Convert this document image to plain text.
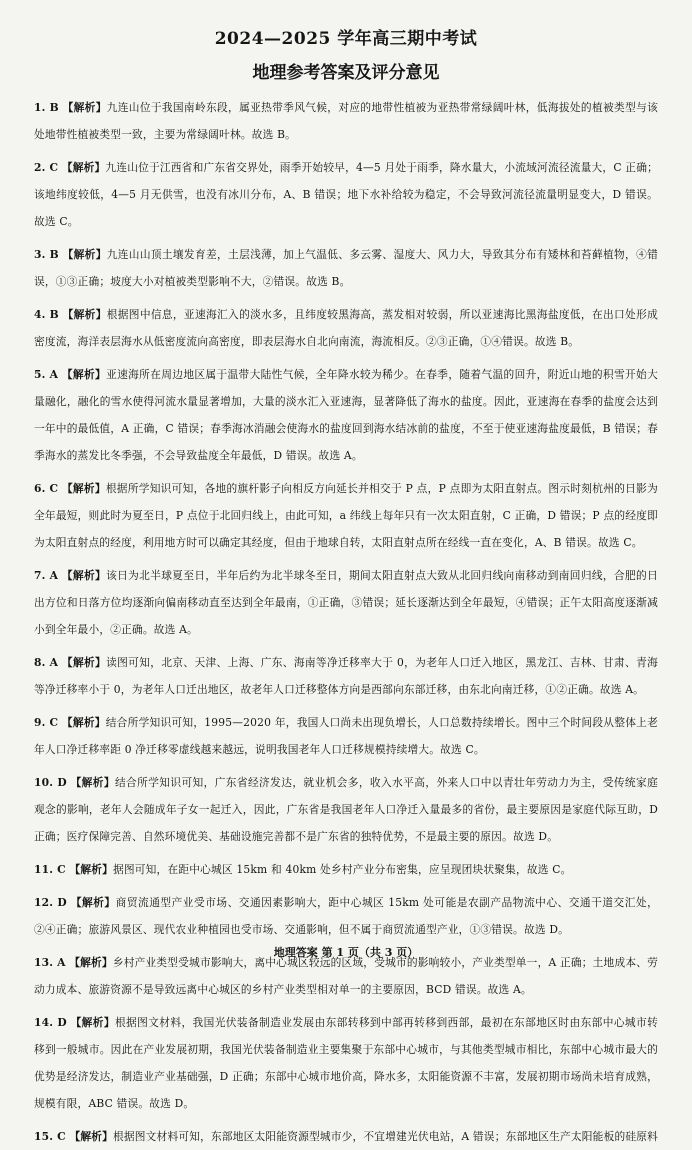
2024—2025 学年高三期中考试
地理参考答案及评分意见

1. B 【解析】九连山位于我国南岭东段，属亚热带季风气候，对应的地带性植被为亚热带常绿阔叶林，低海拔处的植被类型与该处地带性植被类型一致，主要为常绿阔叶林。故选 B。

2. C 【解析】九连山位于江西省和广东省交界处，雨季开始较早，4—5 月处于雨季，降水量大，小流域河流径流量大，C 正确；该地纬度较低，4—5 月无供雪，也没有冰川分布，A、B 错误；地下水补给较为稳定，不会导致河流径流量明显变大，D 错误。故选 C。

3. B 【解析】九连山山顶土壤发育差，土层浅薄，加上气温低、多云雾、湿度大、风力大，导致其分布有矮林和苔藓植物，④错误，①③正确；坡度大小对植被类型影响不大，②错误。故选 B。

4. B 【解析】根据图中信息，亚速海汇入的淡水多，且纬度较黑海高，蒸发相对较弱，所以亚速海比黑海盐度低，在出口处形成密度流，海洋表层海水从低密度流向高密度，即表层海水自北向南流，海流相反。②③正确，①④错误。故选 B。

5. A 【解析】亚速海所在周边地区属于温带大陆性气候，全年降水较为稀少。在春季，随着气温的回升，附近山地的积雪开始大量融化，融化的雪水使得河流水量显著增加，大量的淡水汇入亚速海，显著降低了海水的盐度。因此，亚速海在春季的盐度会达到一年中的最低值，A 正确，C 错误；春季海冰消融会使海水的盐度回到海水结冰前的盐度，不至于使亚速海盐度最低，B 错误；春季海水的蒸发比冬季强，不会导致盐度全年最低，D 错误。故选 A。

6. C 【解析】根据所学知识可知，各地的旗杆影子向相反方向延长并相交于 P 点，P 点即为太阳直射点。图示时刻杭州的日影为全年最短，则此时为夏至日，P 点位于北回归线上，由此可知，a 纬线上每年只有一次太阳直射，C 正确，D 错误；P 点的经度即为太阳直射点的经度，利用地方时可以确定其经度，但由于地球自转，太阳直射点所在经线一直在变化，A、B 错误。故选 C。

7. A 【解析】该日为北半球夏至日，半年后约为北半球冬至日，期间太阳直射点大致从北回归线向南移动到南回归线，合肥的日出方位和日落方位均逐渐向偏南移动直至达到全年最南，①正确，③错误；延长逐渐达到全年最短，④错误；正午太阳高度逐渐减小到全年最小，②正确。故选 A。

8. A 【解析】读图可知，北京、天津、上海、广东、海南等净迁移率大于 0，为老年人口迁入地区，黑龙江、吉林、甘肃、青海等净迁移率小于 0，为老年人口迁出地区，故老年人口迁移整体方向是西部向东部迁移，由东北向南迁移，①②正确。故选 A。

9. C 【解析】结合所学知识可知，1995—2020 年，我国人口尚未出现负增长，人口总数持续增长。图中三个时间段从整体上老年人口净迁移率距 0 净迁移零虚线越来越远，说明我国老年人口迁移规模持续增大。故选 C。

10. D 【解析】结合所学知识可知，广东省经济发达，就业机会多，收入水平高，外来人口中以青壮年劳动力为主，受传统家庭观念的影响，老年人会随成年子女一起迁入，因此，广东省是我国老年人口净迁入量最多的省份，最主要原因是家庭代际互助，D 正确；医疗保障完善、自然环境优美、基础设施完善都不是广东省的独特优势，不是最主要的原因。故选 D。

11. C 【解析】据图可知，在距中心城区 15km 和 40km 处乡村产业分布密集，应呈现团块状聚集，故选 C。

12. D 【解析】商贸流通型产业受市场、交通因素影响大，距中心城区 15km 处可能是农副产品物流中心、交通干道交汇处，②④正确；旅游风景区、现代农业种植园也受市场、交通影响，但不属于商贸流通型产业，①③错误。故选 D。

13. A 【解析】乡村产业类型受城市影响大，离中心城区较远的区域，受城市的影响较小，产业类型单一，A 正确；土地成本、劳动力成本、旅游资源不是导致远离中心城区的乡村产业类型相对单一的主要原因，BCD 错误。故选 A。

14. D 【解析】根据图文材料，我国光伏装备制造业发展由东部转移到中部再转移到西部，最初在东部地区时由东部中心城市转移到一般城市。因此在产业发展初期，我国光伏装备制造业主要集聚于东部中心城市，与其他类型城市相比，东部中心城市最大的优势是经济发达，制造业产业基础强，D 正确；东部中心城市地价高，降水多，太阳能资源不丰富，发展初期市场尚未培育成熟，规模有限，ABC 错误。故选 D。

15. C 【解析】根据图文材料可知，东部地区太阳能资源型城市少，不宜增建光伏电站，A 错误；东部地区生产太阳能板的硅原料

地理答案 第 1 页（共 3 页）
